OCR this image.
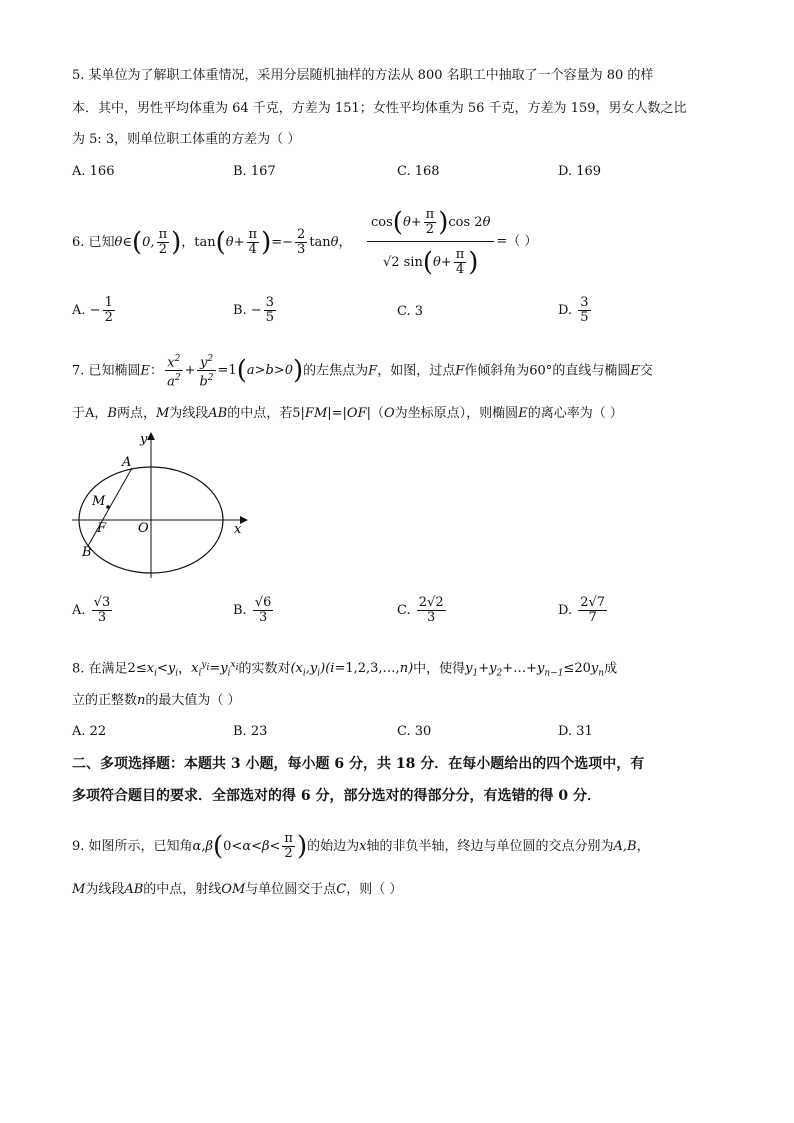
5. 某单位为了解职工体重情况，采用分层随机抽样的方法从 800 名职工中抽取了一个容量为 80 的样
本．其中，男性平均体重为 64 千克，方差为 151；女性平均体重为 56 千克，方差为 159，男女人数之比
为 5: 3，则单位职工体重的方差为（ ）
A. 166	B. 167	C. 168	D. 169
6. 已知θ∈(0, $\frac{\pi}{2}$ )，$\tan(\theta+ \frac{\pi}{4}$ )=− $\frac{2}{3}$ tanθ， $\frac{\cos(\theta+ \frac{\pi}{2} )\cos 2\theta}{√2 \sin(\theta+ \frac{\pi}{4} )}$ =（ ）
A. − $\frac{1}{2}$	B. − $\frac{3}{5}$	C. 3	D. $\frac{3}{5}$
7. 已知椭圆E： $\frac{x^2}{a^2} + \frac{y^2}{b^2} =1(a>b>0)$的左焦点为F，如图，过点F作倾斜角为60°的直线与椭圆E交
于A，B两点，M为线段AB的中点，若5|FM|=|OF|（O为坐标原点），则椭圆E的离心率为（ ）
y
x
A
M
F O
B
A. $\frac{√3}{3}$	B. $\frac{√6}{3}$	C. $\frac{2√2}{3}$	D. $\frac{2√7}{7}$
8. 在满足$2\le x_i<y_i$，$x_i^{y_i}=y_i^{x_i}$的实数对$(x_i,y_i)(i=1,2,3,\dots,n)$中，使得$y_1+y_2+\dots+y_{n-1}\le 20y_n$成
立的正整数n的最大值为（ ）
A. 22	B. 23	C. 30	D. 31
二、多项选择题：本题共 3 小题，每小题 6 分，共 18 分．在每小题给出的四个选项中，有
多项符合题目的要求．全部选对的得 6 分，部分选对的得部分分，有选错的得 0 分．
9. 如图所示，已知角$\alpha,\beta(0<\alpha<\beta< \frac{\pi}{2}$ )的始边为x轴的非负半轴，终边与单位圆的交点分别为A,B，
M为线段AB的中点，射线OM与单位圆交于点C，则（ ）
